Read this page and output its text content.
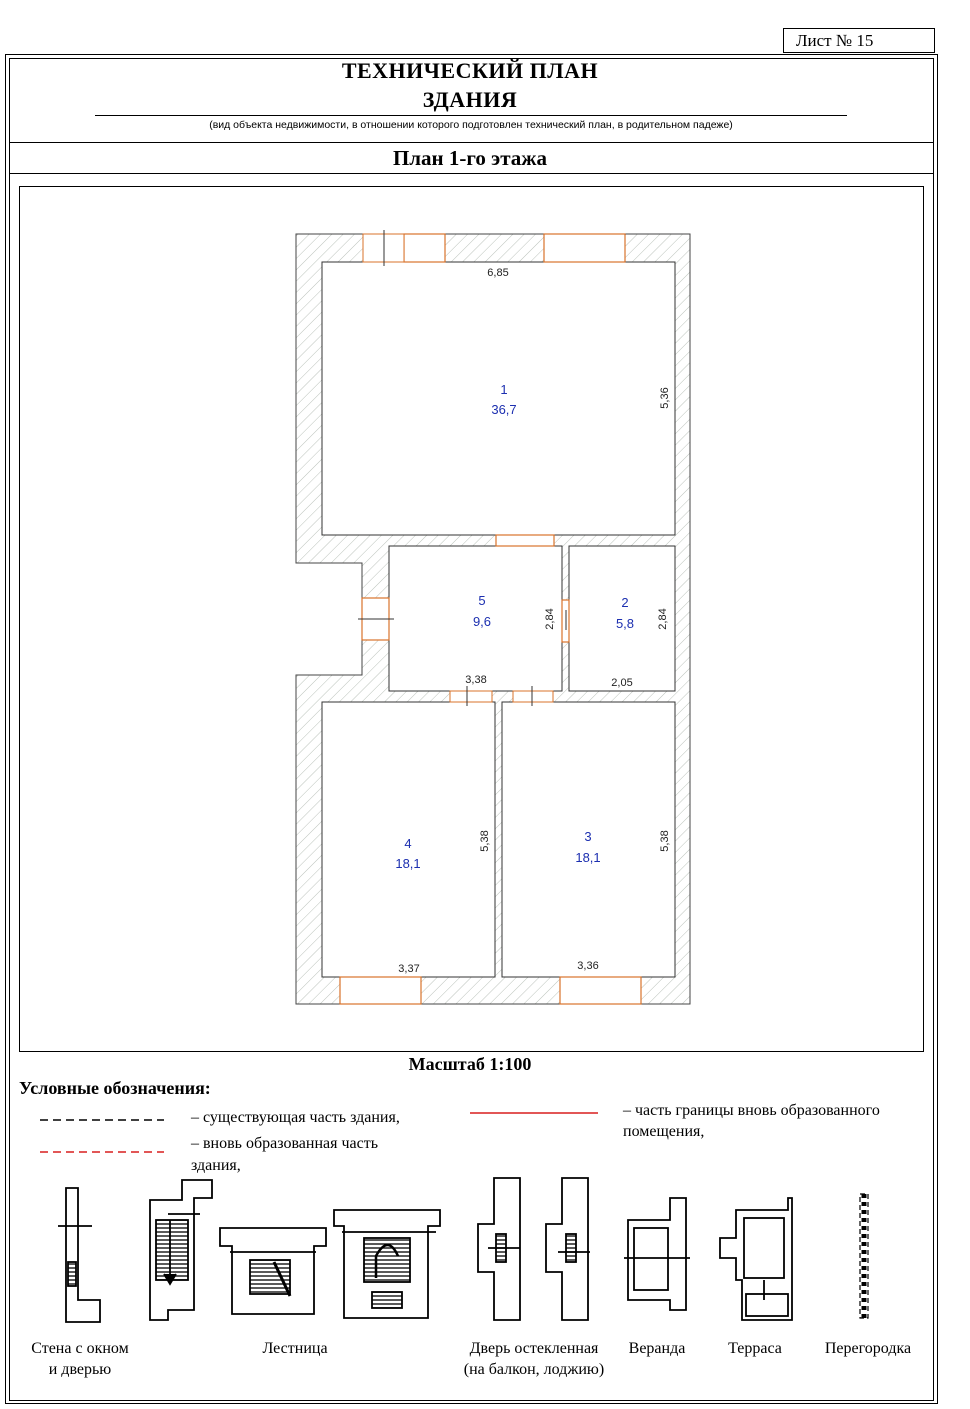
Лист № 15
ТЕХНИЧЕСКИЙ ПЛАН
ЗДАНИЯ
(вид объекта недвижимости, в отношении которого подготовлен технический план, в родительном падеже)
План 1-го этажа
6,85
5,36
3,38
2,84
2,05
2,84
3,37
5,38
3,36
5,38
1
36,7
5
9,6
2
5,8
4
18,1
3
18,1
Масштаб 1:100
Условные обозначения:
– существующая часть здания,
– вновь образованная часть
здания,
– часть границы вновь образованного помещения,
Стена с окном и дверью
Лестница	Дверь остекленная (на балкон, лоджию)
Веранда	Терраса	Перегородка
